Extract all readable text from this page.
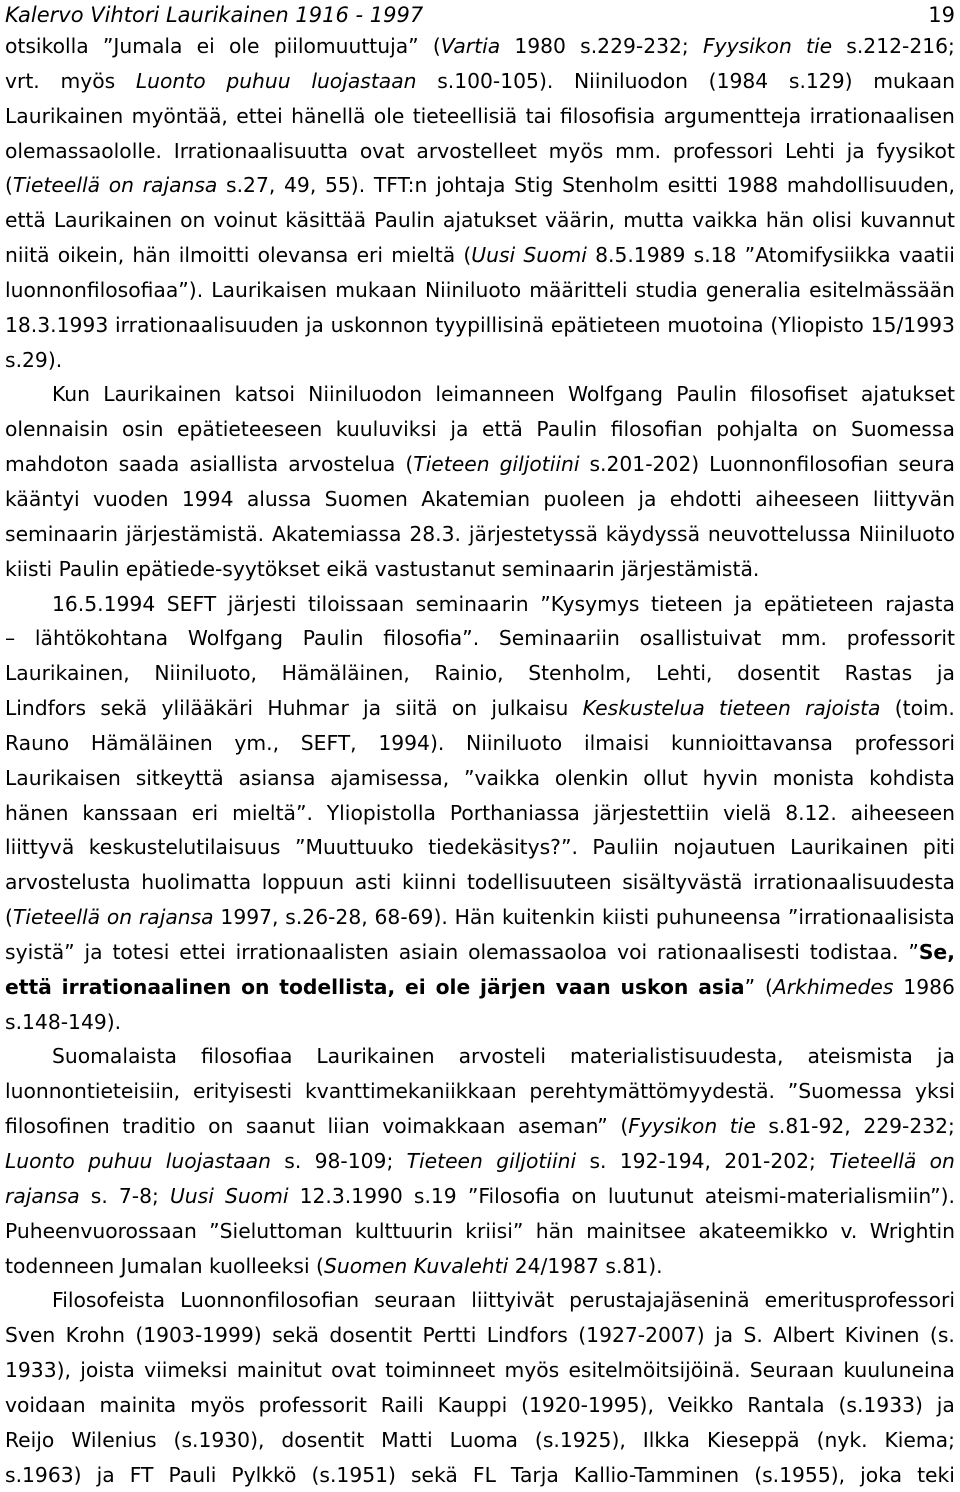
Kalervo Vihtori Laurikainen 1916 - 1997	19
otsikolla ”Jumala ei ole piilomuuttuja” (Vartia 1980 s.229-232; Fyysikon tie s.212-216;
vrt. myös Luonto puhuu luojastaan s.100-105). Niiniluodon (1984 s.129) mukaan
Laurikainen myöntää, ettei hänellä ole tieteellisiä tai filosofisia argumentteja irrationaalisen
olemassaololle. Irrationaalisuutta ovat arvostelleet myös mm. professori Lehti ja fyysikot
(Tieteellä on rajansa s.27, 49, 55). TFT:n johtaja Stig Stenholm esitti 1988 mahdollisuuden,
että Laurikainen on voinut käsittää Paulin ajatukset väärin, mutta vaikka hän olisi kuvannut
niitä oikein, hän ilmoitti olevansa eri mieltä (Uusi Suomi 8.5.1989 s.18 ”Atomifysiikka vaatii
luonnonfilosofiaa”). Laurikaisen mukaan Niiniluoto määritteli studia generalia esitelmässään
18.3.1993 irrationaalisuuden ja uskonnon tyypillisinä epätieteen muotoina (Yliopisto 15/1993
s.29).
Kun Laurikainen katsoi Niiniluodon leimanneen Wolfgang Paulin filosofiset ajatukset
olennaisin osin epätieteeseen kuuluviksi ja että Paulin filosofian pohjalta on Suomessa
mahdoton saada asiallista arvostelua (Tieteen giljotiini s.201-202) Luonnonfilosofian seura
kääntyi vuoden 1994 alussa Suomen Akatemian puoleen ja ehdotti aiheeseen liittyvän
seminaarin järjestämistä. Akatemiassa 28.3. järjestetyssä käydyssä neuvottelussa Niiniluoto
kiisti Paulin epätiede-syytökset eikä vastustanut seminaarin järjestämistä.
16.5.1994 SEFT järjesti tiloissaan seminaarin ”Kysymys tieteen ja epätieteen rajasta
– lähtökohtana Wolfgang Paulin filosofia”. Seminaariin osallistuivat mm. professorit
Laurikainen, Niiniluoto, Hämäläinen, Rainio, Stenholm, Lehti, dosentit Rastas ja
Lindfors sekä ylilääkäri Huhmar ja siitä on julkaisu Keskustelua tieteen rajoista (toim.
Rauno Hämäläinen ym., SEFT, 1994). Niiniluoto ilmaisi kunnioittavansa professori
Laurikaisen sitkeyttä asiansa ajamisessa, ”vaikka olenkin ollut hyvin monista kohdista
hänen kanssaan eri mieltä”. Yliopistolla Porthaniassa järjestettiin vielä 8.12. aiheeseen
liittyvä keskustelutilaisuus ”Muuttuuko tiedekäsitys?”. Pauliin nojautuen Laurikainen piti
arvostelusta huolimatta loppuun asti kiinni todellisuuteen sisältyvästä irrationaalisuudesta
(Tieteellä on rajansa 1997, s.26-28, 68-69). Hän kuitenkin kiisti puhuneensa ”irrationaalisista
syistä” ja totesi ettei irrationaalisten asiain olemassaoloa voi rationaalisesti todistaa. ”Se,
että irrationaalinen on todellista, ei ole järjen vaan uskon asia” (Arkhimedes 1986
s.148-149).
Suomalaista filosofiaa Laurikainen arvosteli materialistisuudesta, ateismista ja
luonnontieteisiin, erityisesti kvanttimekaniikkaan perehtymättömyydestä. ”Suomessa yksi
filosofinen traditio on saanut liian voimakkaan aseman” (Fyysikon tie s.81-92, 229-232;
Luonto puhuu luojastaan s. 98-109; Tieteen giljotiini s. 192-194, 201-202; Tieteellä on
rajansa s. 7-8; Uusi Suomi 12.3.1990 s.19 ”Filosofia on luutunut ateismi-materialismiin”).
Puheenvuorossaan ”Sieluttoman kulttuurin kriisi” hän mainitsee akateemikko v. Wrightin
todenneen Jumalan kuolleeksi (Suomen Kuvalehti 24/1987 s.81).
Filosofeista Luonnonfilosofian seuraan liittyivät perustajajäseninä emeritusprofessori
Sven Krohn (1903-1999) sekä dosentit Pertti Lindfors (1927-2007) ja S. Albert Kivinen (s.
1933), joista viimeksi mainitut ovat toiminneet myös esitelmöitsijöinä. Seuraan kuuluneina
voidaan mainita myös professorit Raili Kauppi (1920-1995), Veikko Rantala (s.1933) ja
Reijo Wilenius (s.1930), dosentit Matti Luoma (s.1925), Ilkka Kieseppä (nyk. Kiema;
s.1963) ja FT Pauli Pylkkö (s.1951) sekä FL Tarja Kallio-Tamminen (s.1955), joka teki
